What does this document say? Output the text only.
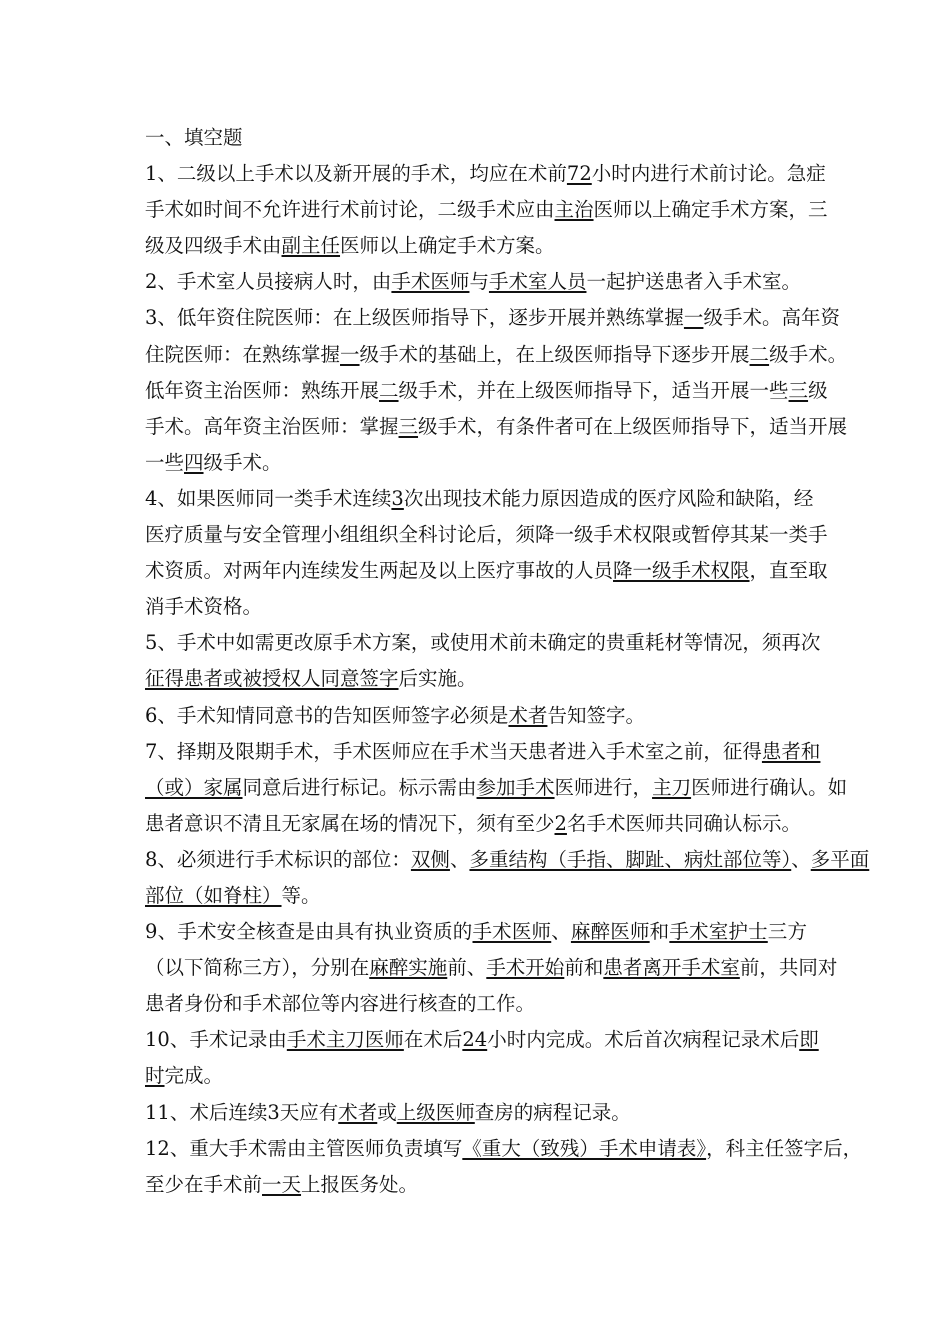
一、填空题
1、二级以上手术以及新开展的手术，均应在术前72小时内进行术前讨论。急症
手术如时间不允许进行术前讨论，二级手术应由主治医师以上确定手术方案，三
级及四级手术由副主任医师以上确定手术方案。
2、手术室人员接病人时，由手术医师与手术室人员一起护送患者入手术室。
3、低年资住院医师：在上级医师指导下，逐步开展并熟练掌握一级手术。高年资
住院医师：在熟练掌握一级手术的基础上，在上级医师指导下逐步开展二级手术。
低年资主治医师：熟练开展二级手术，并在上级医师指导下，适当开展一些三级
手术。高年资主治医师：掌握三级手术，有条件者可在上级医师指导下，适当开展
一些四级手术。
4、如果医师同一类手术连续3次出现技术能力原因造成的医疗风险和缺陷，经
医疗质量与安全管理小组组织全科讨论后，须降一级手术权限或暂停其某一类手
术资质。对两年内连续发生两起及以上医疗事故的人员降一级手术权限，直至取
消手术资格。
5、手术中如需更改原手术方案，或使用术前未确定的贵重耗材等情况，须再次
征得患者或被授权人同意签字后实施。
6、手术知情同意书的告知医师签字必须是术者告知签字。
7、择期及限期手术，手术医师应在手术当天患者进入手术室之前，征得患者和
（或）家属同意后进行标记。标示需由参加手术医师进行，主刀医师进行确认。如
患者意识不清且无家属在场的情况下，须有至少2名手术医师共同确认标示。
8、必须进行手术标识的部位：双侧、多重结构（手指、脚趾、病灶部位等）、多平面
部位（如脊柱）等。
9、手术安全核查是由具有执业资质的手术医师、麻醉医师和手术室护士三方
（以下简称三方），分别在麻醉实施前、手术开始前和患者离开手术室前，共同对
患者身份和手术部位等内容进行核查的工作。
10、手术记录由手术主刀医师在术后24小时内完成。术后首次病程记录术后即
时完成。
11、术后连续3天应有术者或上级医师查房的病程记录。
12、重大手术需由主管医师负责填写《重大（致残）手术申请表》，科主任签字后，
至少在手术前一天上报医务处。
